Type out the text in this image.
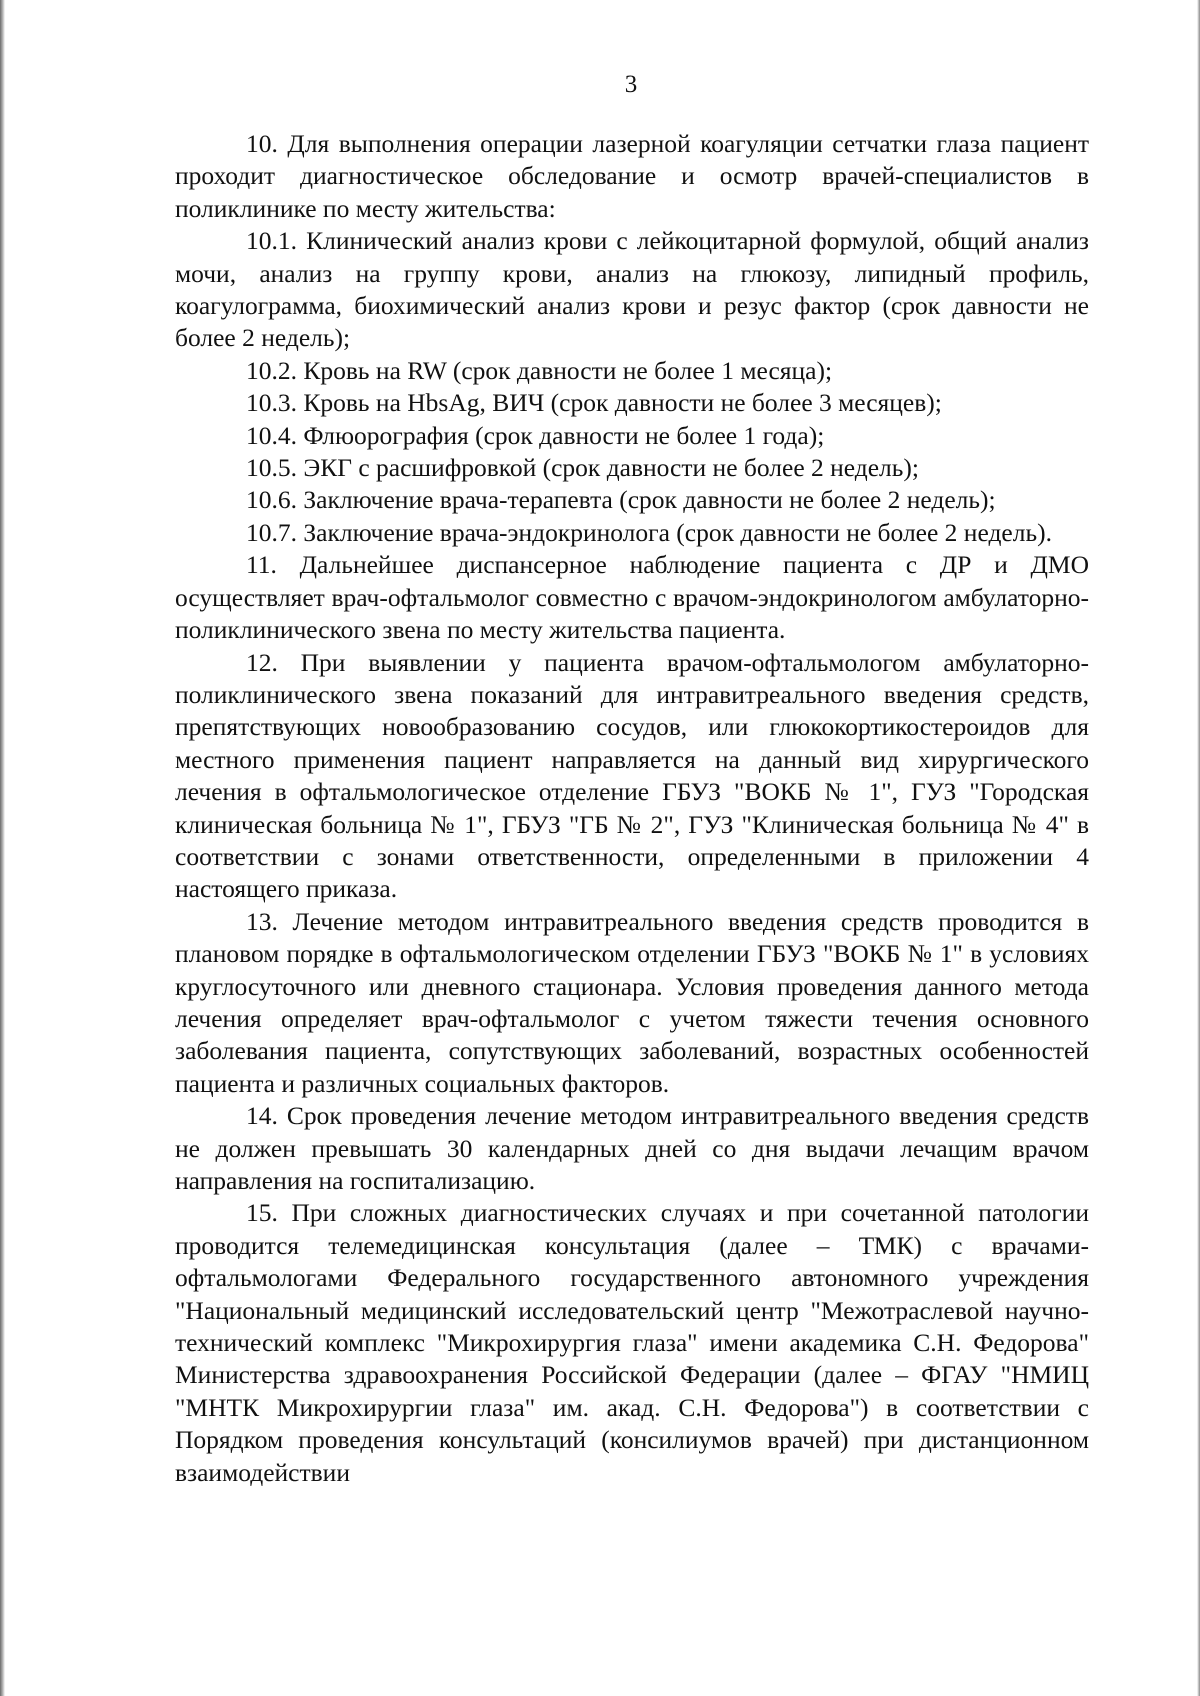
3

10. Для выполнения операции лазерной коагуляции сетчатки глаза пациент проходит диагностическое обследование и осмотр врачей-специалистов в поликлинике по месту жительства:

10.1. Клинический анализ крови с лейкоцитарной формулой, общий анализ мочи, анализ на группу крови, анализ на глюкозу, липидный профиль, коагулограмма, биохимический анализ крови и резус фактор (срок давности не более 2 недель);

10.2. Кровь на RW (срок давности не более 1 месяца);

10.3. Кровь на HbsAg, ВИЧ (срок давности не более 3 месяцев);

10.4. Флюорография (срок давности не более 1 года);

10.5. ЭКГ с расшифровкой (срок давности не более 2 недель);

10.6. Заключение врача-терапевта (срок давности не более 2 недель);

10.7. Заключение врача-эндокринолога (срок давности не более 2 недель).

11. Дальнейшее диспансерное наблюдение пациента с ДР и ДМО осуществляет врач-офтальмолог совместно с врачом-эндокринологом амбулаторно-поликлинического звена по месту жительства пациента.

12. При выявлении у пациента врачом-офтальмологом амбулаторно-поликлинического звена показаний для интравитреального введения средств, препятствующих новообразованию сосудов, или глюкокортикостероидов для местного применения пациент направляется на данный вид хирургического лечения в офтальмологическое отделение ГБУЗ "ВОКБ № 1", ГУЗ "Городская клиническая больница № 1", ГБУЗ "ГБ № 2", ГУЗ "Клиническая больница № 4" в соответствии с зонами ответственности, определенными в приложении 4 настоящего приказа.

13. Лечение методом интравитреального введения средств проводится в плановом порядке в офтальмологическом отделении ГБУЗ "ВОКБ № 1" в условиях круглосуточного или дневного стационара. Условия проведения данного метода лечения определяет врач-офтальмолог с учетом тяжести течения основного заболевания пациента, сопутствующих заболеваний, возрастных особенностей пациента и различных социальных факторов.

14. Срок проведения лечение методом интравитреального введения средств не должен превышать 30 календарных дней со дня выдачи лечащим врачом направления на госпитализацию.

15. При сложных диагностических случаях и при сочетанной патологии проводится телемедицинская консультация (далее – ТМК) с врачами-офтальмологами Федерального государственного автономного учреждения "Национальный медицинский исследовательский центр "Межотраслевой научно-технический комплекс "Микрохирургия глаза" имени академика С.Н. Федорова" Министерства здравоохранения Российской Федерации (далее – ФГАУ "НМИЦ "МНТК Микрохирургии глаза" им. акад. С.Н. Федорова") в соответствии с Порядком проведения консультаций (консилиумов врачей) при дистанционном взаимодействии
